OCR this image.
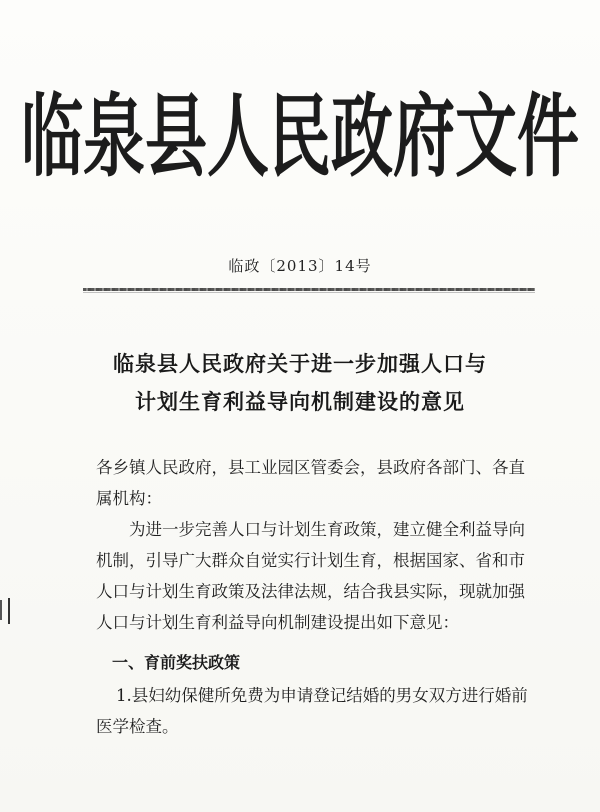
临泉县人民政府文件
临政〔2013〕14号
临泉县人民政府关于进一步加强人口与
计划生育利益导向机制建设的意见
各乡镇人民政府，县工业园区管委会，县政府各部门、各直属机构：
为进一步完善人口与计划生育政策，建立健全利益导向机制，引导广大群众自觉实行计划生育，根据国家、省和市人口与计划生育政策及法律法规，结合我县实际，现就加强人口与计划生育利益导向机制建设提出如下意见：
一、育前奖扶政策
1.县妇幼保健所免费为申请登记结婚的男女双方进行婚前医学检查。
